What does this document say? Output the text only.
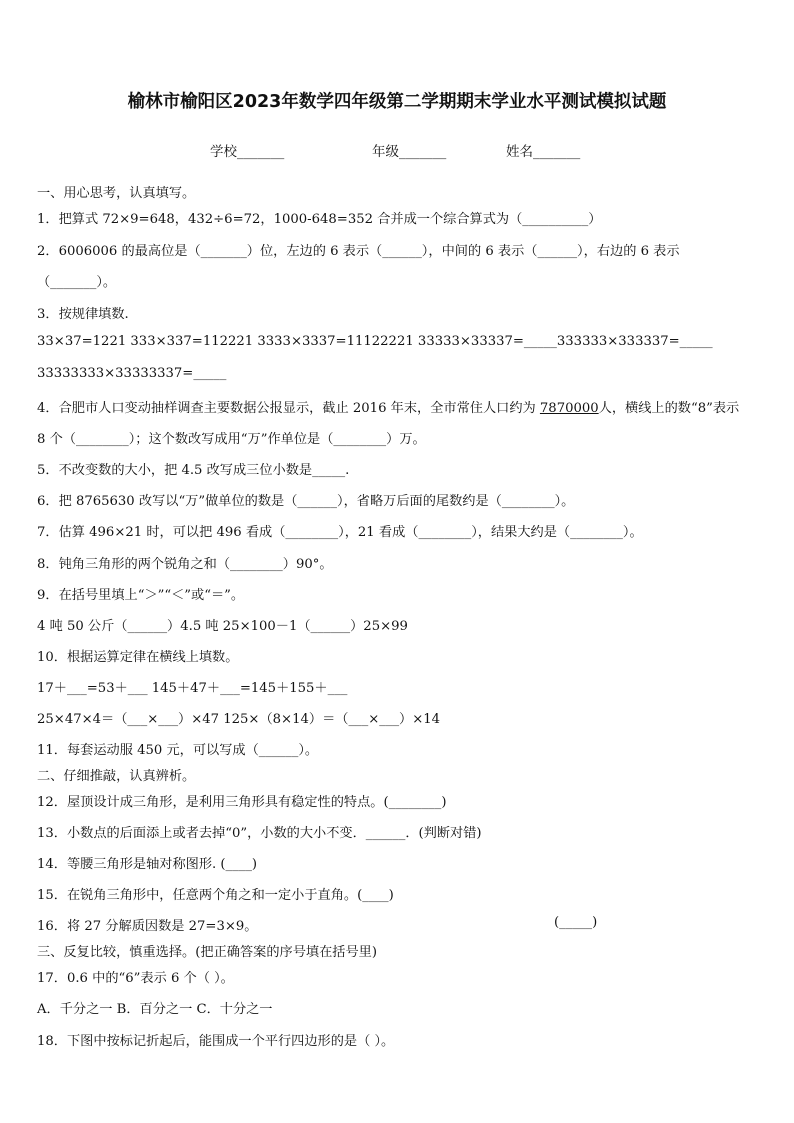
榆林市榆阳区2023年数学四年级第二学期期末学业水平测试模拟试题
学校_______	年级_______	姓名_______
一、用心思考，认真填写。
1．把算式 72×9=648，432÷6=72，1000-648=352 合并成一个综合算式为（__________）
2．6006006 的最高位是（_______）位，左边的 6 表示（______），中间的 6 表示（______），右边的 6 表示
（_______）。
3．按规律填数.
33×37=1221 333×337=112221 3333×3337=11122221 33333×33337=_____333333×333337=_____
33333333×33333337=_____
4．合肥市人口变动抽样调查主要数据公报显示，截止 2016 年末，全市常住人口约为 7870000人，横线上的数“8”表示
8 个（________）；这个数改写成用“万”作单位是（________）万。
5．不改变数的大小，把 4.5 改写成三位小数是_____.
6．把 8765630 改写以“万”做单位的数是（______），省略万后面的尾数约是（________）。
7．估算 496×21 时，可以把 496 看成（________），21 看成（________），结果大约是（________）。
8．钝角三角形的两个锐角之和（________）90°。
9．在括号里填上“＞”“＜”或“＝”。
4 吨 50 公斤（______）4.5 吨 25×100－1（______）25×99
10．根据运算定律在横线上填数。
17＋___=53＋___ 145＋47＋___=145＋155＋___
25×47×4＝（___×___）×47 125×（8×14）＝（___×___）×14
11．每套运动服 450 元，可以写成（______）。
二、仔细推敲，认真辨析。
12．屋顶设计成三角形，是利用三角形具有稳定性的特点。(________)
13．小数点的后面添上或者去掉“0”，小数的大小不变．______．(判断对错)
14．等腰三角形是轴对称图形. (____)
15．在锐角三角形中，任意两个角之和一定小于直角。(____)
16．将 27 分解质因数是 27=3×9。	(_____)
三、反复比较，慎重选择。(把正确答案的序号填在括号里)
17．0.6 中的“6”表示 6 个（ ）。
A．千分之一 B．百分之一 C．十分之一
18．下图中按标记折起后，能围成一个平行四边形的是（ ）。
